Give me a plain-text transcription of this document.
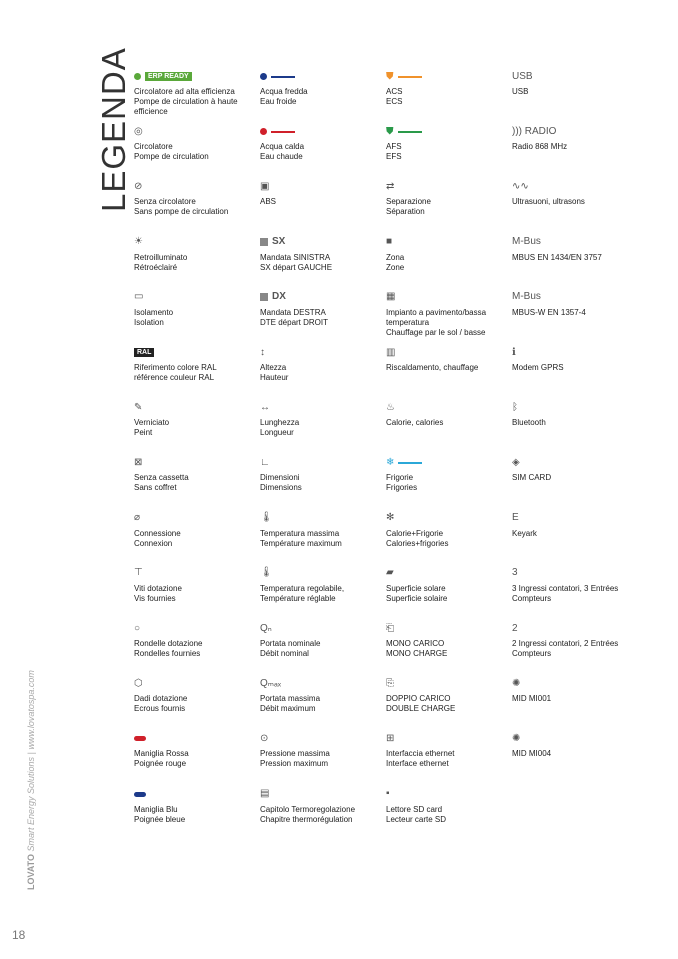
LEGENDA
LOVATO Smart Energy Solutions | www.lovatospa.com
18
ERP READY
Circolatore ad alta efficienza
Pompe de circulation à haute
efficience
◎
Circolatore
Pompe de circulation
⊘
Senza circolatore
Sans pompe de circulation
☀
Retroilluminato
Rétroéclairé
▭
Isolamento
Isolation
RAL
Riferimento colore RAL
référence couleur RAL
✎
Verniciato
Peint
⊠
Senza cassetta
Sans coffret
⌀
Connessione
Connexion
⊤
Viti dotazione
Vis fournies
○
Rondelle dotazione
Rondelles fournies
⬡
Dadi dotazione
Ecrous fournis
Maniglia Rossa
Poignée rouge
Maniglia Blu
Poignée bleue
Acqua fredda
Eau froide
Acqua calda
Eau chaude
▣
ABS
SX
Mandata SINISTRA
SX départ GAUCHE
DX
Mandata DESTRA
DTE départ DROIT
↕
Altezza
Hauteur
↔
Lunghezza
Longueur
∟
Dimensioni
Dimensions
🌡
Temperatura massima
Température maximum
🌡
Temperatura regolabile,
Température réglable
Qₙ
Portata nominale
Débit nominal
Qₘₐₓ
Portata massima
Débit maximum
⊙
Pressione massima
Pression maximum
▤
Capitolo Termoregolazione
Chapitre thermorégulation
⛊
ACS
ECS
⛊
AFS
EFS
⇄
Separazione
Séparation
■
Zona
Zone
▦
Impianto a pavimento/bassa
temperatura
Chauffage par le sol / basse
▥
Riscaldamento, chauffage
♨
Calorie, calories
❄
Frigorie
Frigories
✻
Calorie+Frigorie
Calories+frigories
▰
Superficie solare
Superficie solaire
⎗
MONO CARICO
MONO CHARGE
⎘
DOPPIO CARICO
DOUBLE CHARGE
⊞
Interfaccia ethernet
Interface ethernet
▪
Lettore SD card
Lecteur carte SD
USB
USB
))) RADIO
Radio 868 MHz
∿∿
Ultrasuoni, ultrasons
M-Bus
MBUS EN 1434/EN 3757
M-Bus
MBUS-W EN 1357-4
ℹ
Modem GPRS
ᛒ
Bluetooth
◈
SIM CARD
E
Keyark
3
3 Ingressi contatori, 3 Entrées
Compteurs
2
2 Ingressi contatori, 2 Entrées
Compteurs
✺
MID MI001
✺
MID MI004
